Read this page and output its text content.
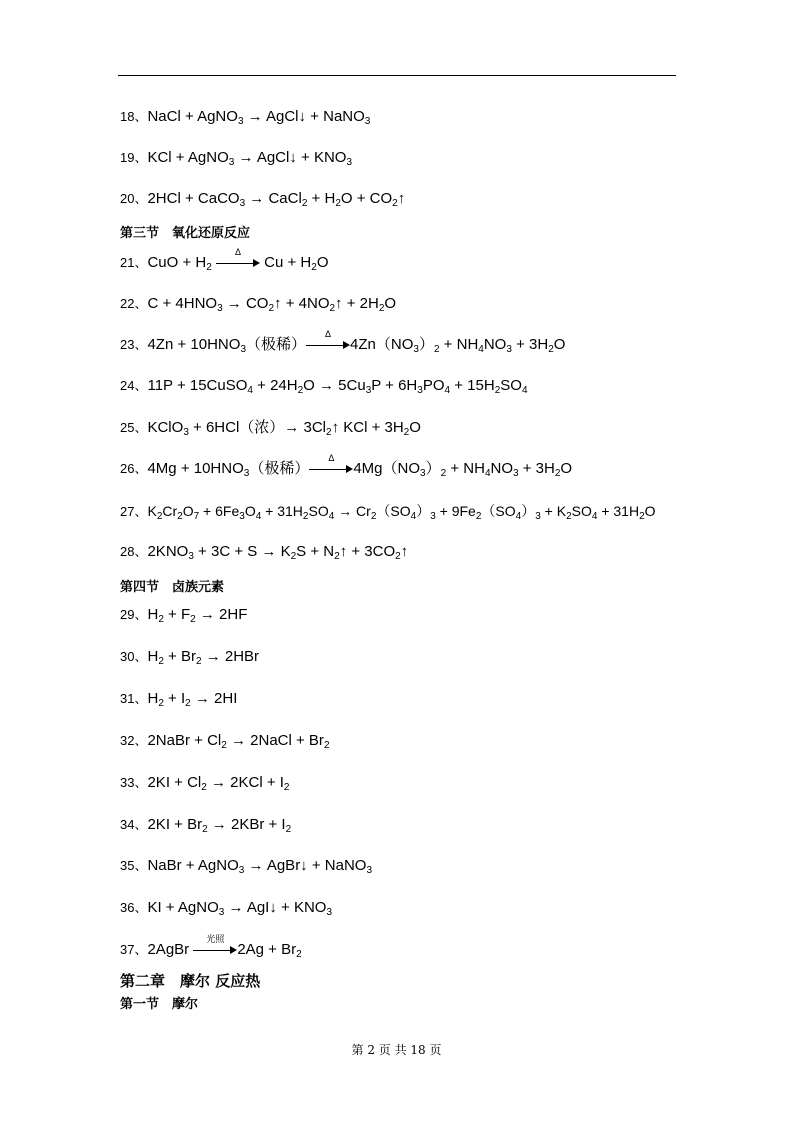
18、NaCl + AgNO$_3$ → AgCl↓ + NaNO$_3$
19、KCl + AgNO$_3$ → AgCl↓ + $KNO_3$
20、2HCl + CaCO$_3$ → CaCl$_2$ + $H_2O$ + $CO_2↑$
第三节　氧化还原反应
21、CuO + $H_2$
Δ
$Cu + H_2O$
22、$C + 4HNO_3$ → $CO_2↑$ + $4NO_2↑ + 2H_2O$
23、$4Zn + 10HNO_3$（极稀）
Δ
$4Zn(NO_3)_2 + NH_4NO_3 + 3H_2O$
24、11P + 15CuSO$_4$ + $24H_2O \to 5Cu_3P + 6H_3PO_4 + 15H_2SO_4$
25、KClO$_3$ + 6HCl（浓）→ $3Cl_2↑$ KCl + $3H_2O$
26、$4Mg + 10HNO_3$（极稀）
Δ
$4Mg(NO_3)_2 + NH_4NO_3 + 3H_2O$
27、$K_2Cr_2O_7 + 6Fe_3O_4 + 31H_2SO_4 \to Cr_2(SO_4)_3 + 9Fe_2(SO_4)_3 + K_2SO_4 + 31H_2O$
28、$2KNO_3 + 3C + S \to K_2S$ + $N_2↑$ + $3CO_2↑$
第四节　卤族元素
29、$H_2 + F_2 \to 2HF$
30、$H_2 + Br_2 \to 2HBr$
31、$H_2 + I_2 \to 2HI$
32、2NaBr + $Cl_2$ → 2NaCl + $Br_2$
33、$2KI + Cl_2 \to 2KCl + I_2$
34、$2KI + Br_2 \to 2KBr + I_2$
35、NaBr + AgNO$_3$ → AgBr↓ + NaNO$_3$
36、KI + AgNO$_3$ → AgI↓ + $KNO_3$
37、2AgBr
光照
$2Ag + Br_2$
第二章　摩尔 反应热
第一节　摩尔
第 2 页 共 18 页
